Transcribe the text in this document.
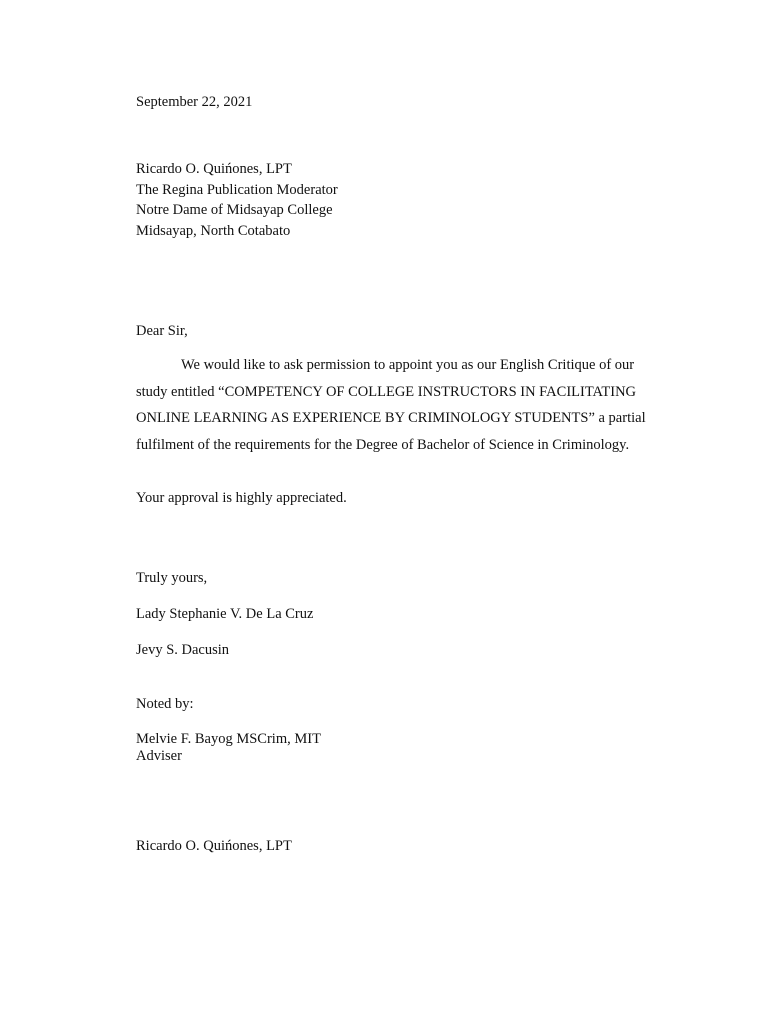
September 22, 2021
Ricardo O. Quińones, LPT
The Regina Publication Moderator
Notre Dame of Midsayap College
Midsayap, North Cotabato
Dear Sir,
We would like to ask permission to appoint you as our English Critique of our
study entitled “COMPETENCY OF COLLEGE INSTRUCTORS IN FACILITATING
ONLINE LEARNING AS EXPERIENCE BY CRIMINOLOGY STUDENTS” a partial
fulfilment of the requirements for the Degree of Bachelor of Science in Criminology.
Your approval is highly appreciated.
Truly yours,
Lady Stephanie V. De La Cruz
Jevy S. Dacusin
Noted by:
Melvie F. Bayog MSCrim, MIT
Adviser
Ricardo O. Quińones, LPT
